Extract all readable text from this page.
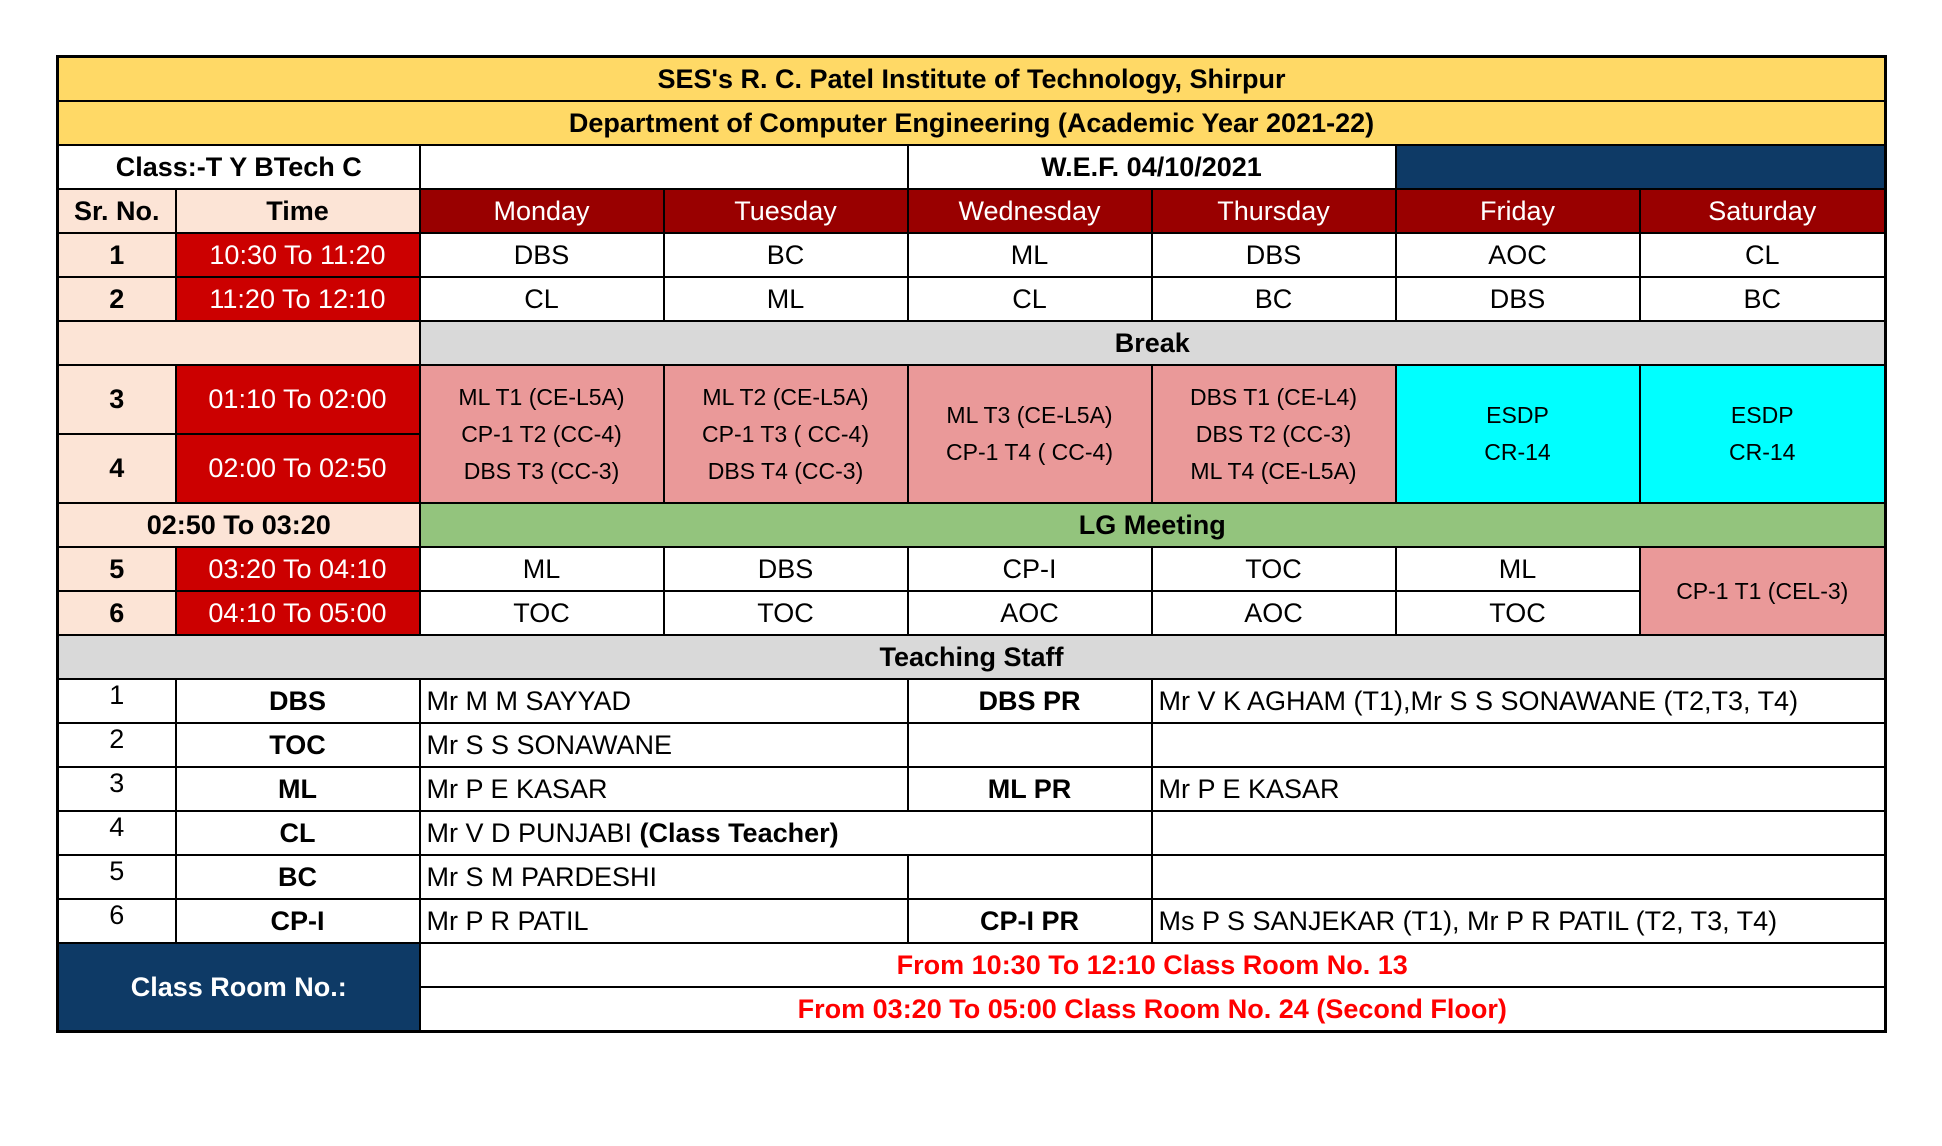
SES's R. C. Patel Institute of Technology, Shirpur							
Department of Computer Engineering (Academic Year 2021-22)							
Class:-T Y BTech C				W.E.F. 04/10/2021			
Sr. No.	Time	Monday	Tuesday	Wednesday	Thursday	Friday	Saturday
1	10:30 To 11:20	DBS	BC	ML	DBS	AOC	CL
2	11:20 To 12:10	CL	ML	CL	BC	DBS	BC
		Break					
3	01:10 To 02:00	ML T1 (CE-L5A)
CP-1 T2 (CC-4)
DBS T3 (CC-3)	ML T2 (CE-L5A)
CP-1 T3 ( CC-4)
DBS T4 (CC-3)	ML T3 (CE-L5A)
CP-1 T4 ( CC-4)	DBS T1 (CE-L4)
DBS T2 (CC-3)
ML T4 (CE-L5A)	ESDP
CR-14	ESDP
CR-14
4	02:00 To 02:50						
02:50 To 03:20		LG Meeting					
5	03:20 To 04:10	ML	DBS	CP-I	TOC	ML	CP-1 T1 (CEL-3)
6	04:10 To 05:00	TOC	TOC	AOC	AOC	TOC	
Teaching Staff							
1	DBS	Mr M M SAYYAD		DBS PR	Mr V K AGHAM (T1),Mr S S SONAWANE (T2,T3, T4)		
2	TOC	Mr S S SONAWANE					
3	ML	Mr P E KASAR		ML PR	Mr P E KASAR		
4	CL	Mr V D PUNJABI (Class Teacher)					
5	BC	Mr S M PARDESHI					
6	CP-I	Mr P R PATIL		CP-I PR	Ms P S SANJEKAR (T1), Mr P R PATIL (T2, T3, T4)		
Class Room No.:		From 10:30 To 12:10 Class Room No. 13					
		From 03:20 To 05:00 Class Room No. 24 (Second Floor)					
